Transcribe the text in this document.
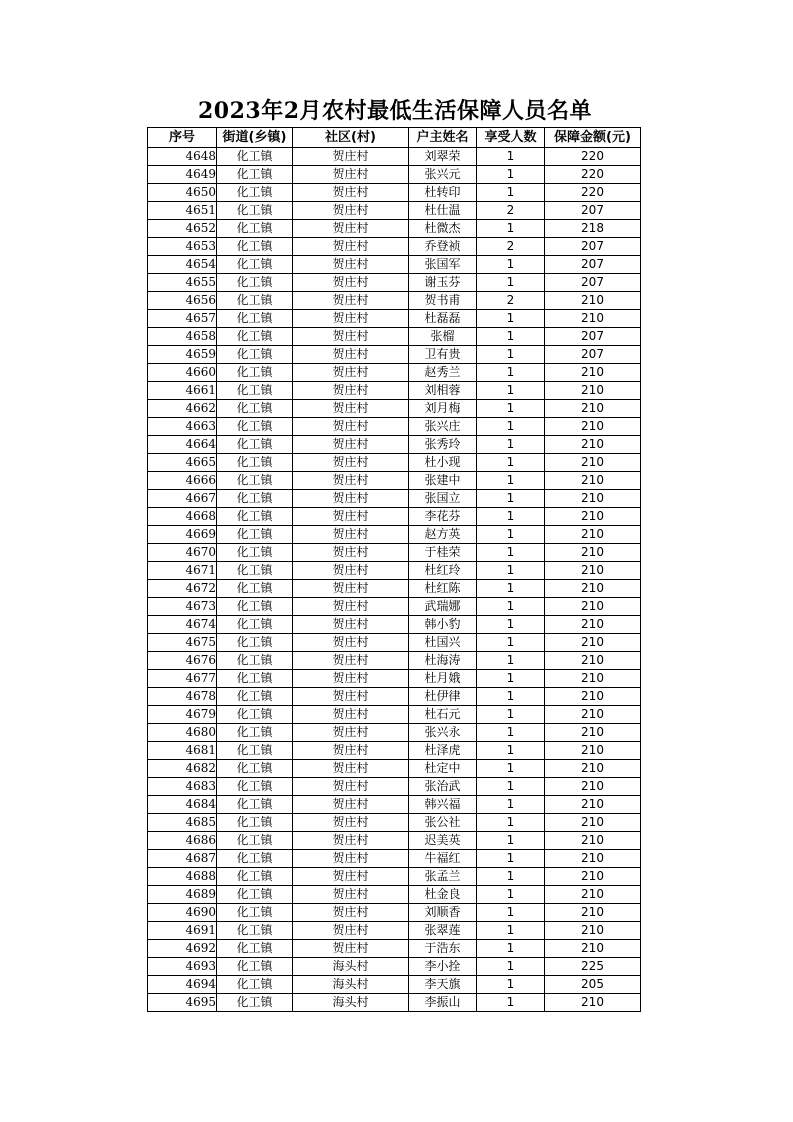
2023年2月农村最低生活保障人员名单
序号	街道(乡镇)	社区(村)	户主姓名	享受人数	保障金额(元)
4648	化工镇	贺庄村	刘翠荣	1	220
4649	化工镇	贺庄村	张兴元	1	220
4650	化工镇	贺庄村	杜转印	1	220
4651	化工镇	贺庄村	杜仕温	2	207
4652	化工镇	贺庄村	杜微杰	1	218
4653	化工镇	贺庄村	乔登祯	2	207
4654	化工镇	贺庄村	张国军	1	207
4655	化工镇	贺庄村	谢玉芬	1	207
4656	化工镇	贺庄村	贺书甫	2	210
4657	化工镇	贺庄村	杜磊磊	1	210
4658	化工镇	贺庄村	张榴	1	207
4659	化工镇	贺庄村	卫有贵	1	207
4660	化工镇	贺庄村	赵秀兰	1	210
4661	化工镇	贺庄村	刘相蓉	1	210
4662	化工镇	贺庄村	刘月梅	1	210
4663	化工镇	贺庄村	张兴庄	1	210
4664	化工镇	贺庄村	张秀玲	1	210
4665	化工镇	贺庄村	杜小现	1	210
4666	化工镇	贺庄村	张建中	1	210
4667	化工镇	贺庄村	张国立	1	210
4668	化工镇	贺庄村	李花芬	1	210
4669	化工镇	贺庄村	赵方英	1	210
4670	化工镇	贺庄村	于桂荣	1	210
4671	化工镇	贺庄村	杜红玲	1	210
4672	化工镇	贺庄村	杜红陈	1	210
4673	化工镇	贺庄村	武瑞娜	1	210
4674	化工镇	贺庄村	韩小豹	1	210
4675	化工镇	贺庄村	杜国兴	1	210
4676	化工镇	贺庄村	杜海涛	1	210
4677	化工镇	贺庄村	杜月娥	1	210
4678	化工镇	贺庄村	杜伊律	1	210
4679	化工镇	贺庄村	杜石元	1	210
4680	化工镇	贺庄村	张兴永	1	210
4681	化工镇	贺庄村	杜泽虎	1	210
4682	化工镇	贺庄村	杜定中	1	210
4683	化工镇	贺庄村	张治武	1	210
4684	化工镇	贺庄村	韩兴福	1	210
4685	化工镇	贺庄村	张公社	1	210
4686	化工镇	贺庄村	迟美英	1	210
4687	化工镇	贺庄村	牛福红	1	210
4688	化工镇	贺庄村	张孟兰	1	210
4689	化工镇	贺庄村	杜金良	1	210
4690	化工镇	贺庄村	刘顺香	1	210
4691	化工镇	贺庄村	张翠莲	1	210
4692	化工镇	贺庄村	于浩东	1	210
4693	化工镇	海头村	李小拴	1	225
4694	化工镇	海头村	李天旗	1	205
4695	化工镇	海头村	李振山	1	210
